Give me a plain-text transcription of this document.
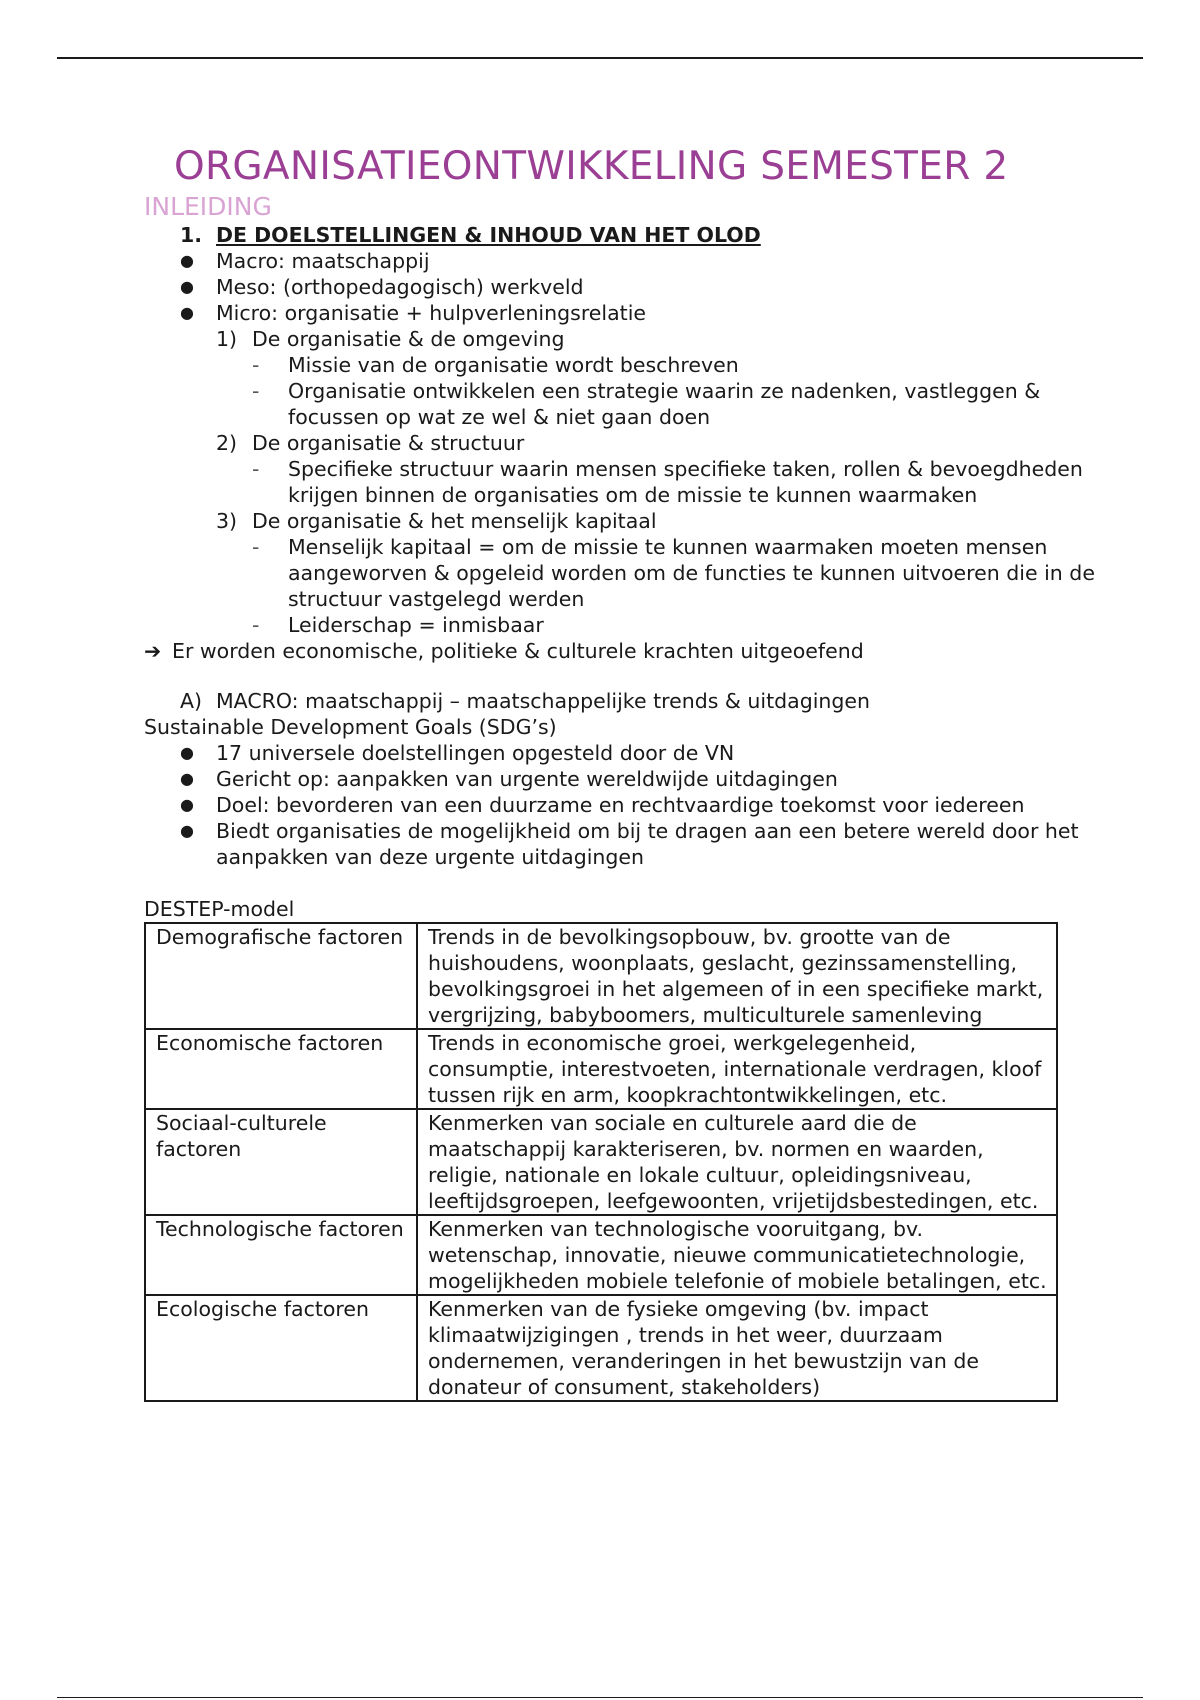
ORGANISATIEONTWIKKELING SEMESTER 2
INLEIDING
1. DE DOELSTELLINGEN & INHOUD VAN HET OLOD
●	Macro: maatschappij
●	Meso: (orthopedagogisch) werkveld
●	Micro: organisatie + hulpverleningsrelatie
1) De organisatie & de omgeving
-	Missie van de organisatie wordt beschreven
-	Organisatie ontwikkelen een strategie waarin ze nadenken, vastleggen & focussen op wat ze wel & niet gaan doen
2) De organisatie & structuur
-	Specifieke structuur waarin mensen specifieke taken, rollen & bevoegdheden krijgen binnen de organisaties om de missie te kunnen waarmaken
3) De organisatie & het menselijk kapitaal
-	Menselijk kapitaal = om de missie te kunnen waarmaken moeten mensen aangeworven & opgeleid worden om de functies te kunnen uitvoeren die in de structuur vastgelegd werden
-	Leiderschap = inmisbaar
➔ Er worden economische, politieke & culturele krachten uitgeoefend
A) MACRO: maatschappij – maatschappelijke trends & uitdagingen
Sustainable Development Goals (SDG’s)
●	17 universele doelstellingen opgesteld door de VN
●	Gericht op: aanpakken van urgente wereldwijde uitdagingen
●	Doel: bevorderen van een duurzame en rechtvaardige toekomst voor iedereen
●	Biedt organisaties de mogelijkheid om bij te dragen aan een betere wereld door het aanpakken van deze urgente uitdagingen
DESTEP-model
Demografische factoren	Trends in de bevolkingsopbouw, bv. grootte van de huishoudens, woonplaats, geslacht, gezinssamenstelling, bevolkingsgroei in het algemeen of in een specifieke markt, vergrijzing, babyboomers, multiculturele samenleving
Economische factoren	Trends in economische groei, werkgelegenheid, consumptie, interestvoeten, internationale verdragen, kloof tussen rijk en arm, koopkrachtontwikkelingen, etc.
Sociaal-culturele factoren	Kenmerken van sociale en culturele aard die de maatschappij karakteriseren, bv. normen en waarden, religie, nationale en lokale cultuur, opleidingsniveau, leeftijdsgroepen, leefgewoonten, vrijetijdsbestedingen, etc.
Technologische factoren	Kenmerken van technologische vooruitgang, bv. wetenschap, innovatie, nieuwe communicatietechnologie, mogelijkheden mobiele telefonie of mobiele betalingen, etc.
Ecologische factoren	Kenmerken van de fysieke omgeving (bv. impact klimaatwijzigingen , trends in het weer, duurzaam ondernemen, veranderingen in het bewustzijn van de donateur of consument, stakeholders)
